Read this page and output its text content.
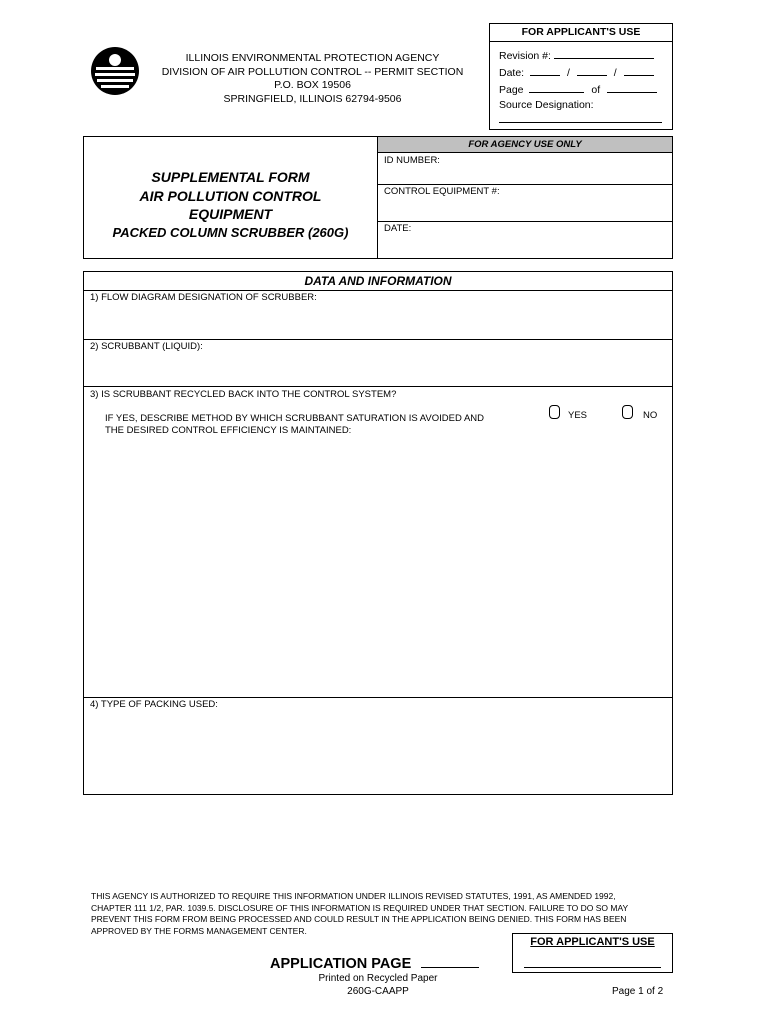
ILLINOIS ENVIRONMENTAL PROTECTION AGENCY
DIVISION OF AIR POLLUTION CONTROL -- PERMIT SECTION
P.O. BOX 19506
SPRINGFIELD, ILLINOIS 62794-9506
FOR APPLICANT'S USE
Revision #:
Date:	/	/
Page	of
Source Designation:
SUPPLEMENTAL FORM
AIR POLLUTION CONTROL
EQUIPMENT
PACKED COLUMN SCRUBBER (260G)
FOR AGENCY USE ONLY
ID NUMBER:
CONTROL EQUIPMENT #:
DATE:
DATA AND INFORMATION
1) FLOW DIAGRAM DESIGNATION OF SCRUBBER:
2) SCRUBBANT (LIQUID):
3) IS SCRUBBANT RECYCLED BACK INTO THE CONTROL SYSTEM?
IF YES, DESCRIBE METHOD BY WHICH SCRUBBANT SATURATION IS AVOIDED AND
THE DESIRED CONTROL EFFICIENCY IS MAINTAINED:
YES	NO
4) TYPE OF PACKING USED:
THIS AGENCY IS AUTHORIZED TO REQUIRE THIS INFORMATION UNDER ILLINOIS REVISED STATUTES, 1991, AS AMENDED 1992,
CHAPTER 111 1/2, PAR. 1039.5. DISCLOSURE OF THIS INFORMATION IS REQUIRED UNDER THAT SECTION. FAILURE TO DO SO MAY
PREVENT THIS FORM FROM BEING PROCESSED AND COULD RESULT IN THE APPLICATION BEING DENIED. THIS FORM HAS BEEN
APPROVED BY THE FORMS MANAGEMENT CENTER.
FOR APPLICANT'S USE
APPLICATION PAGE
Printed on Recycled Paper
260G-CAAPP	Page 1 of 2
